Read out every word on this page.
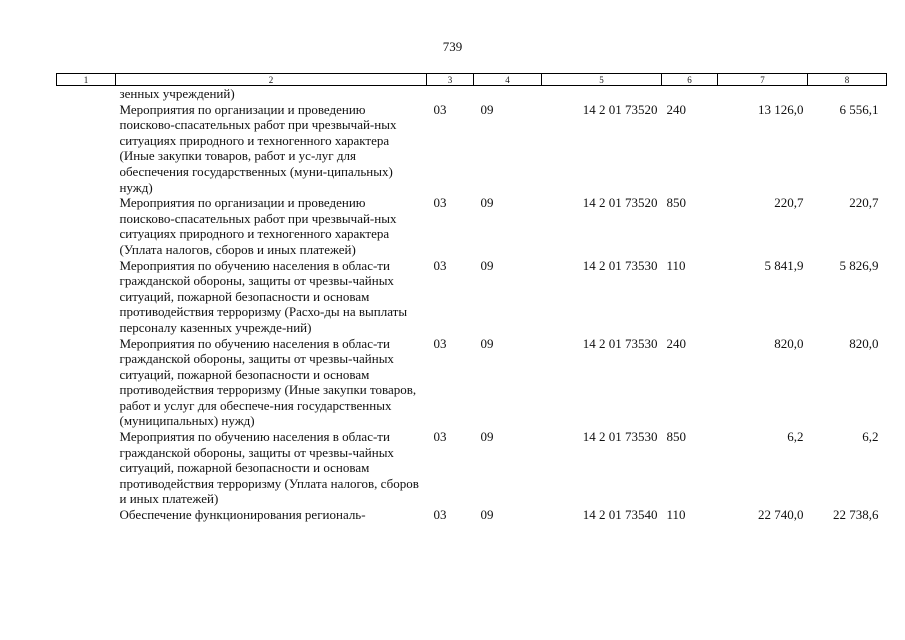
739
1	2	3	4	5	6	7	8
	зенных учреждений)						
	Мероприятия по организации и проведению поисково-спасательных работ при чрезвычай-ных ситуациях природного и техногенного характера (Иные закупки товаров, работ и ус-луг для обеспечения государственных (муни-ципальных) нужд)	03	09	14 2 01 73520	240	13 126,0	6 556,1
	Мероприятия по организации и проведению поисково-спасательных работ при чрезвычай-ных ситуациях природного и техногенного характера (Уплата налогов, сборов и иных платежей)	03	09	14 2 01 73520	850	220,7	220,7
	Мероприятия по обучению населения в облас-ти гражданской обороны, защиты от чрезвы-чайных ситуаций, пожарной безопасности и основам противодействия терроризму (Расхо-ды на выплаты персоналу казенных учрежде-ний)	03	09	14 2 01 73530	110	5 841,9	5 826,9
	Мероприятия по обучению населения в облас-ти гражданской обороны, защиты от чрезвы-чайных ситуаций, пожарной безопасности и основам противодействия терроризму (Иные закупки товаров, работ и услуг для обеспече-ния государственных (муниципальных) нужд)	03	09	14 2 01 73530	240	820,0	820,0
	Мероприятия по обучению населения в облас-ти гражданской обороны, защиты от чрезвы-чайных ситуаций, пожарной безопасности и основам противодействия терроризму (Уплата налогов, сборов и иных платежей)	03	09	14 2 01 73530	850	6,2	6,2
	Обеспечение функционирования региональ-	03	09	14 2 01 73540	110	22 740,0	22 738,6
